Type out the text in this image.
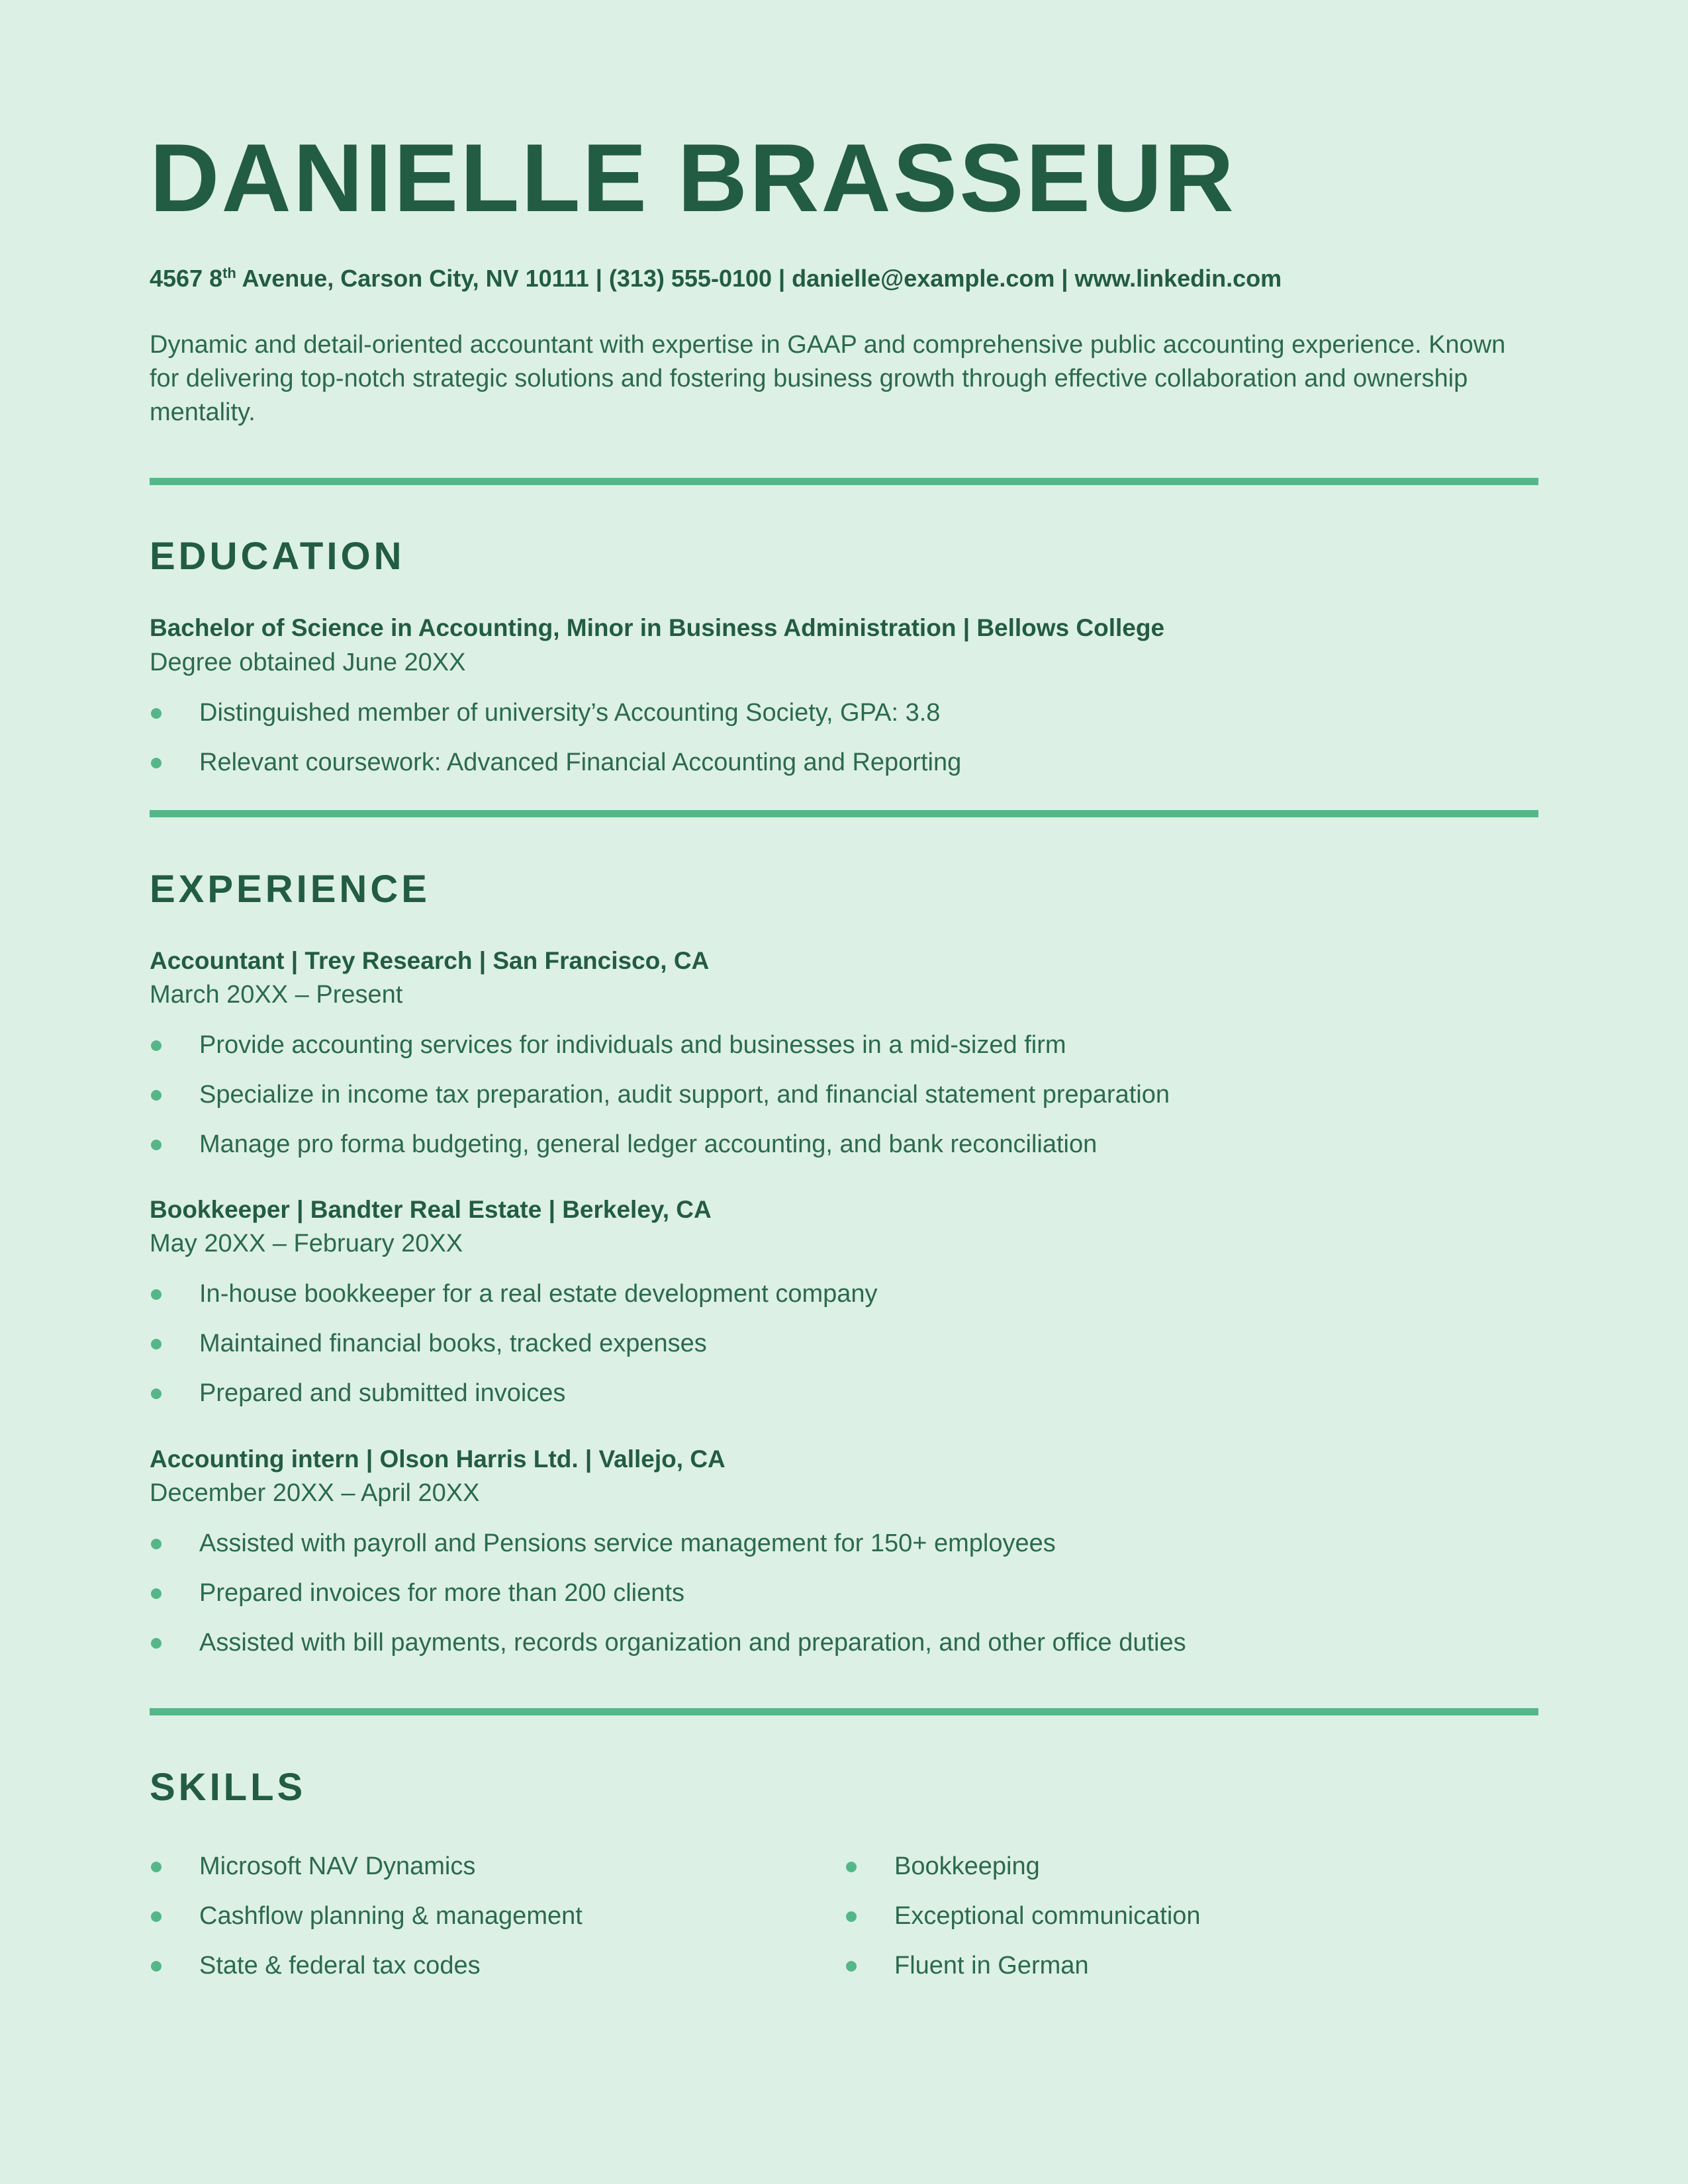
DANIELLE BRASSEUR
4567 8th Avenue, Carson City, NV 10111 | (313) 555-0100 | danielle@example.com | www.linkedin.com
Dynamic and detail-oriented accountant with expertise in GAAP and comprehensive public accounting experience. Known for delivering top-notch strategic solutions and fostering business growth through effective collaboration and ownership mentality.
EDUCATION
Bachelor of Science in Accounting, Minor in Business Administration | Bellows College
Degree obtained June 20XX
Distinguished member of university’s Accounting Society, GPA: 3.8
Relevant coursework: Advanced Financial Accounting and Reporting
EXPERIENCE
Accountant | Trey Research | San Francisco, CA
March 20XX – Present
Provide accounting services for individuals and businesses in a mid-sized firm
Specialize in income tax preparation, audit support, and financial statement preparation
Manage pro forma budgeting, general ledger accounting, and bank reconciliation
Bookkeeper | Bandter Real Estate | Berkeley, CA
May 20XX – February 20XX
In-house bookkeeper for a real estate development company
Maintained financial books, tracked expenses
Prepared and submitted invoices
Accounting intern | Olson Harris Ltd. | Vallejo, CA
December 20XX – April 20XX
Assisted with payroll and Pensions service management for 150+ employees
Prepared invoices for more than 200 clients
Assisted with bill payments, records organization and preparation, and other office duties
SKILLS
Microsoft NAV Dynamics
Cashflow planning & management
State & federal tax codes
Bookkeeping
Exceptional communication
Fluent in German
